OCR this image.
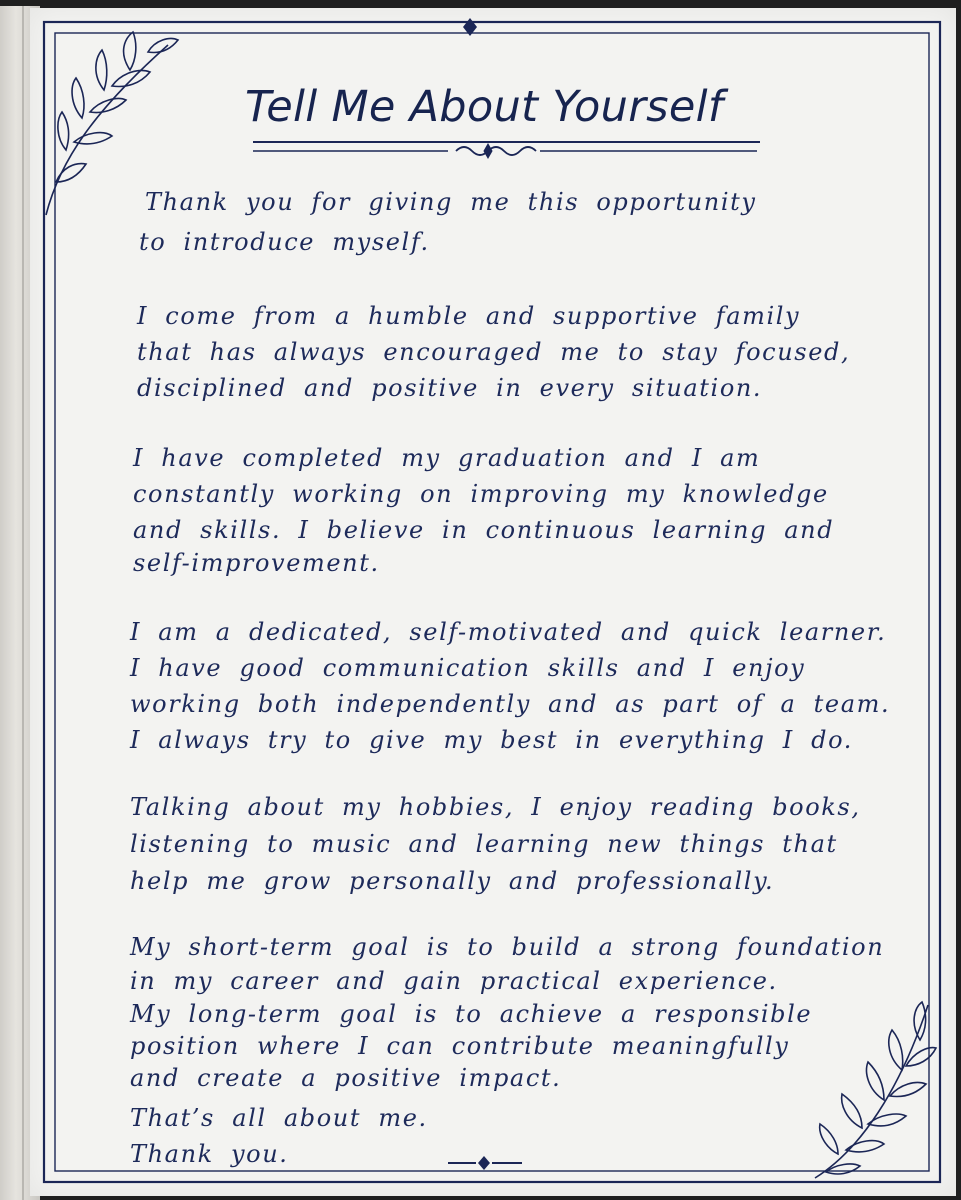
Tell Me About Yourself
Thank you for giving me this opportunity
to introduce myself.
I come from a humble and supportive family
that has always encouraged me to stay focused,
disciplined and positive in every situation.
I have completed my graduation and I am
constantly working on improving my knowledge
and skills. I believe in continuous learning and
self-improvement.
I am a dedicated, self-motivated and quick learner.
I have good communication skills and I enjoy
working both independently and as part of a team.
I always try to give my best in everything I do.
Talking about my hobbies, I enjoy reading books,
listening to music and learning new things that
help me grow personally and professionally.
My short-term goal is to build a strong foundation
in my career and gain practical experience.
My long-term goal is to achieve a responsible
position where I can contribute meaningfully
and create a positive impact.
That’s all about me.
Thank you.
